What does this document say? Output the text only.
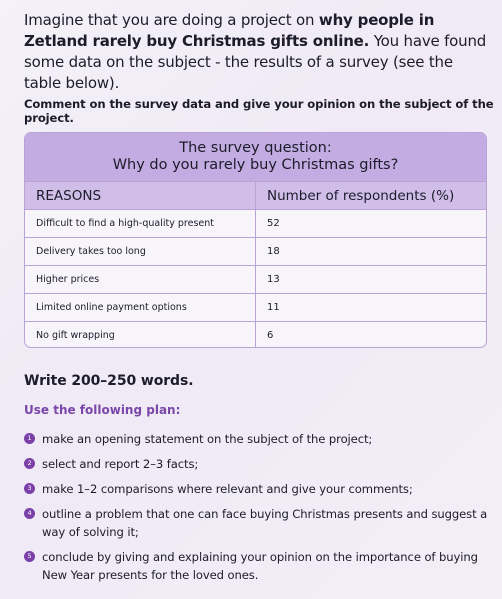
Imagine that you are doing a project on why people in Zetland rarely buy Christmas gifts online. You have found some data on the subject - the results of a survey (see the table below).
Comment on the survey data and give your opinion on the subject of the project.
The survey question:
Why do you rarely buy Christmas gifts?
REASONS	Number of respondents (%)
Difficult to find a high-quality present	52
Delivery takes too long	18
Higher prices	13
Limited online payment options	11
No gift wrapping	6
Write 200–250 words.
Use the following plan:
1 make an opening statement on the subject of the project;
2 select and report 2–3 facts;
3 make 1–2 comparisons where relevant and give your comments;
4 outline a problem that one can face buying Christmas presents and suggest a way of solving it;
5 conclude by giving and explaining your opinion on the importance of buying New Year presents for the loved ones.
